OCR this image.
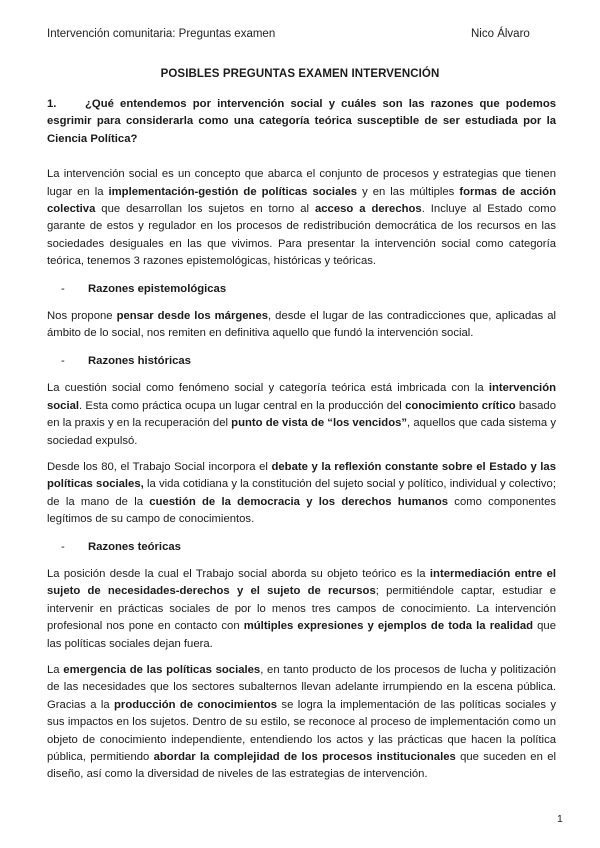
Intervención comunitaria: Preguntas examen	Nico Álvaro
POSIBLES PREGUNTAS EXAMEN INTERVENCIÓN
1.	¿Qué entendemos por intervención social y cuáles son las razones que podemos esgrimir para considerarla como una categoría teórica susceptible de ser estudiada por la Ciencia Política?
La intervención social es un concepto que abarca el conjunto de procesos y estrategias que tienen lugar en la implementación-gestión de políticas sociales y en las múltiples formas de acción colectiva que desarrollan los sujetos en torno al acceso a derechos. Incluye al Estado como garante de estos y regulador en los procesos de redistribución democrática de los recursos en las sociedades desiguales en las que vivimos. Para presentar la intervención social como categoría teórica, tenemos 3 razones epistemológicas, históricas y teóricas.
- Razones epistemológicas
Nos propone pensar desde los márgenes, desde el lugar de las contradicciones que, aplicadas al ámbito de lo social, nos remiten en definitiva aquello que fundó la intervención social.
- Razones históricas
La cuestión social como fenómeno social y categoría teórica está imbricada con la intervención social. Esta como práctica ocupa un lugar central en la producción del conocimiento crítico basado en la praxis y en la recuperación del punto de vista de “los vencidos”, aquellos que cada sistema y sociedad expulsó.
Desde los 80, el Trabajo Social incorpora el debate y la reflexión constante sobre el Estado y las políticas sociales, la vida cotidiana y la constitución del sujeto social y político, individual y colectivo; de la mano de la cuestión de la democracia y los derechos humanos como componentes legítimos de su campo de conocimientos.
- Razones teóricas
La posición desde la cual el Trabajo social aborda su objeto teórico es la intermediación entre el sujeto de necesidades-derechos y el sujeto de recursos; permitiéndole captar, estudiar e intervenir en prácticas sociales de por lo menos tres campos de conocimiento. La intervención profesional nos pone en contacto con múltiples expresiones y ejemplos de toda la realidad que las políticas sociales dejan fuera.
La emergencia de las políticas sociales, en tanto producto de los procesos de lucha y politización de las necesidades que los sectores subalternos llevan adelante irrumpiendo en la escena pública. Gracias a la producción de conocimientos se logra la implementación de las políticas sociales y sus impactos en los sujetos. Dentro de su estilo, se reconoce al proceso de implementación como un objeto de conocimiento independiente, entendiendo los actos y las prácticas que hacen la política pública, permitiendo abordar la complejidad de los procesos institucionales que suceden en el diseño, así como la diversidad de niveles de las estrategias de intervención.
1
